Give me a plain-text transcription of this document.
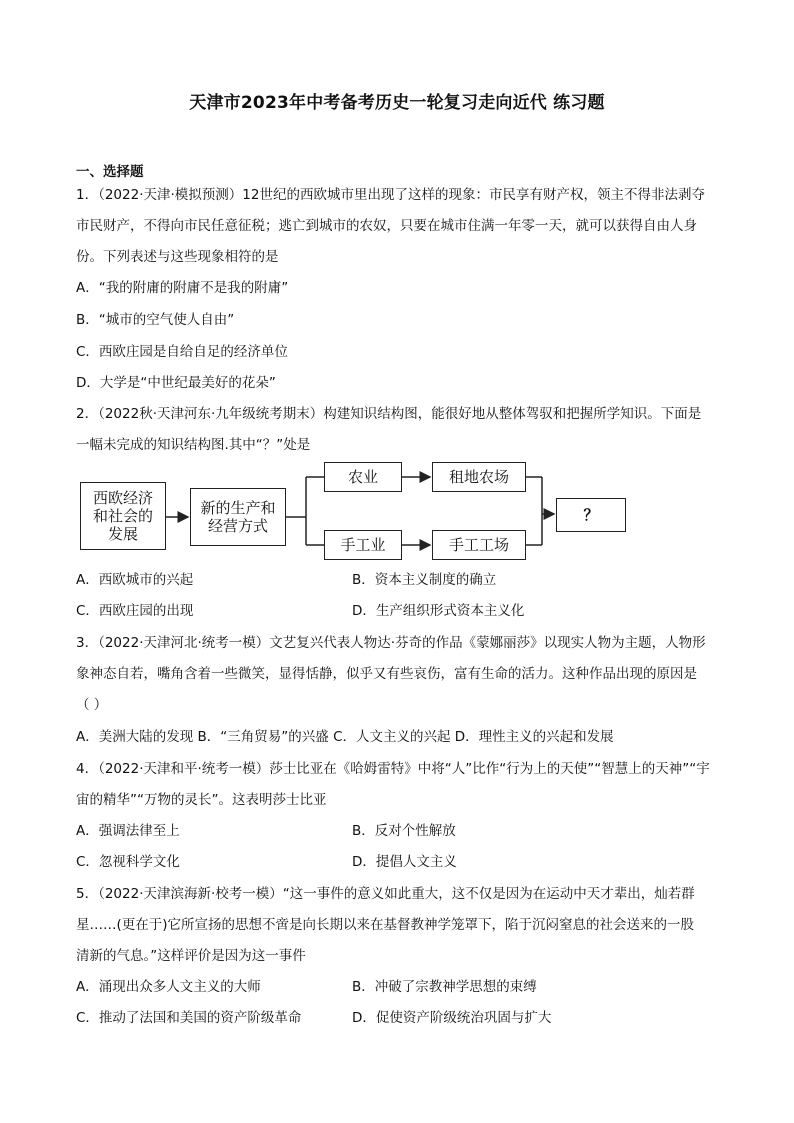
天津市2023年中考备考历史一轮复习走向近代 练习题
一、选择题
1．（2022·天津·模拟预测）12世纪的西欧城市里出现了这样的现象：市民享有财产权，领主不得非法剥夺
市民财产，不得向市民任意征税；逃亡到城市的农奴，只要在城市住满一年零一天，就可以获得自由人身
份。下列表述与这些现象相符的是
A．“我的附庸的附庸不是我的附庸”
B．“城市的空气使人自由”
C．西欧庄园是自给自足的经济单位
D．大学是“中世纪最美好的花朵”
2．（2022秋·天津河东·九年级统考期末）构建知识结构图，能很好地从整体驾驭和把握所学知识。下面是
一幅未完成的知识结构图.其中“？”处是
西欧经济
和社会的
发展
新的生产和
经营方式
农业	租地农场
手工业	手工工场
？
A．西欧城市的兴起	B．资本主义制度的确立
C．西欧庄园的出现	D．生产组织形式资本主义化
3．（2022·天津河北·统考一模）文艺复兴代表人物达·芬奇的作品《蒙娜丽莎》以现实人物为主题，人物形
象神态自若，嘴角含着一些微笑，显得恬静，似乎又有些哀伤，富有生命的活力。这种作品出现的原因是
（ ）
A．美洲大陆的发现 B．“三角贸易”的兴盛 C．人文主义的兴起 D．理性主义的兴起和发展
4．（2022·天津和平·统考一模）莎士比亚在《哈姆雷特》中将“人”比作“行为上的天使”“智慧上的天神”“宇
宙的精华”“万物的灵长”。这表明莎士比亚
A．强调法律至上	B．反对个性解放
C．忽视科学文化	D．提倡人文主义
5．（2022·天津滨海新·校考一模）“这一事件的意义如此重大，这不仅是因为在运动中天才辈出，灿若群
星……(更在于)它所宣扬的思想不啻是向长期以来在基督教神学笼罩下，陷于沉闷窒息的社会送来的一股
清新的气息。”这样评价是因为这一事件
A．涌现出众多人文主义的大师	B．冲破了宗教神学思想的束缚
C．推动了法国和美国的资产阶级革命	D．促使资产阶级统治巩固与扩大
